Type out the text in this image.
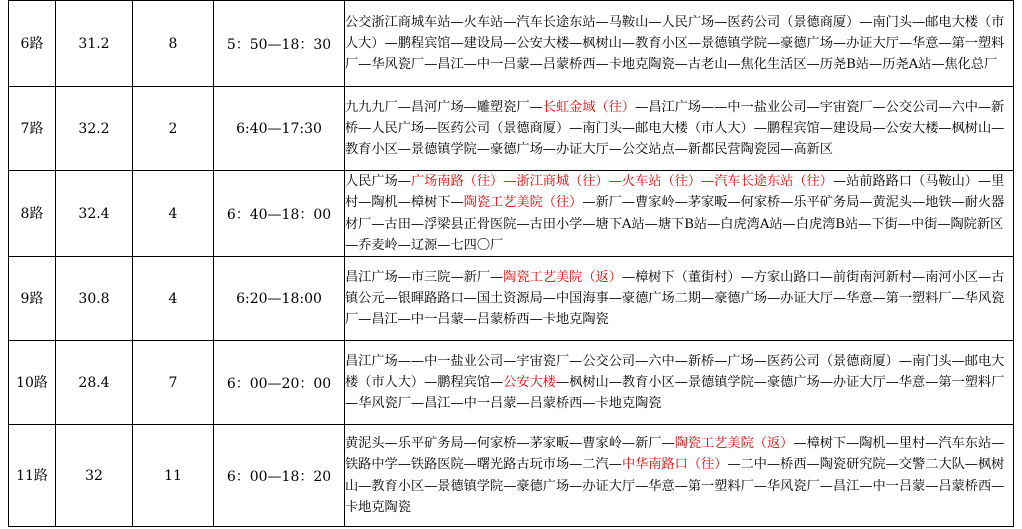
6路	31.2	8	5：50—18：30	公交浙江商城车站—火车站—汽车长途东站—马鞍山—人民广场—医药公司（景德商厦）—南门头—邮电大楼（市人大）—鹏程宾馆—建设局—公安大楼—枫树山—教育小区—景德镇学院—豪德广场—办证大厅—华意—第一塑料厂—华风瓷厂—昌江—中一吕蒙—吕蒙桥西—卡地克陶瓷—古老山—焦化生活区—历尧B站—历尧A站—焦化总厂
7路	32.2	2	6:40—17:30	九九九厂—昌河广场—雕塑瓷厂—长虹金域（往）—昌江广场——中一盐业公司—宇宙瓷厂—公交公司—六中—新桥—人民广场—医药公司（景德商厦）—南门头—邮电大楼（市人大）—鹏程宾馆—建设局—公安大楼—枫树山—教育小区—景德镇学院—豪德广场—办证大厅—公交站点—新都民营陶瓷园—高新区
8路	32.4	4	6：40—18：00	人民广场—广场南路（往）—浙江商城（往）—火车站（往）—汽车长途东站（往）—站前路路口（马鞍山）—里村—陶机—樟树下—陶瓷工艺美院（往）—新厂—曹家岭—茅家畈—何家桥—乐平矿务局—黄泥头—地铁—耐火器材厂—古田—浮梁县正骨医院—古田小学—塘下A站—塘下B站—白虎湾A站—白虎湾B站—下街—中街—陶院新区—乔麦岭—辽源—七四〇厂
9路	30.8	4	6:20—18:00	昌江广场—市三院—新厂—陶瓷工艺美院（返）—樟树下（董街村）—方家山路口—前街南河新村—南河小区—古镇公元—银暉路路口—国土资源局—中国海事—豪德广场二期—豪德广场—办证大厅—华意—第一塑料厂—华风瓷厂—昌江—中一吕蒙—吕蒙桥西—卡地克陶瓷
10路	28.4	7	6：00—20：00	昌江广场——中一盐业公司—宇宙瓷厂—公交公司—六中—新桥—广场—医药公司（景德商厦）—南门头—邮电大楼（市人大）—鹏程宾馆—公安大楼—枫树山—教育小区—景德镇学院—豪德广场—办证大厅—华意—第一塑料厂—华风瓷厂—昌江—中一吕蒙—吕蒙桥西—卡地克陶瓷
11路	32	11	6：00—18：20	黄泥头—乐平矿务局—何家桥—茅家畈—曹家岭—新厂—陶瓷工艺美院（返）—樟树下—陶机—里村—汽车东站—铁路中学—铁路医院—曙光路古玩市场—二汽—中华南路口（往）—二中—桥西—陶瓷研究院—交警二大队—枫树山—教育小区—景德镇学院—豪德广场—办证大厅—华意—第一塑料厂—华风瓷厂—昌江—中一吕蒙—吕蒙桥西—卡地克陶瓷
